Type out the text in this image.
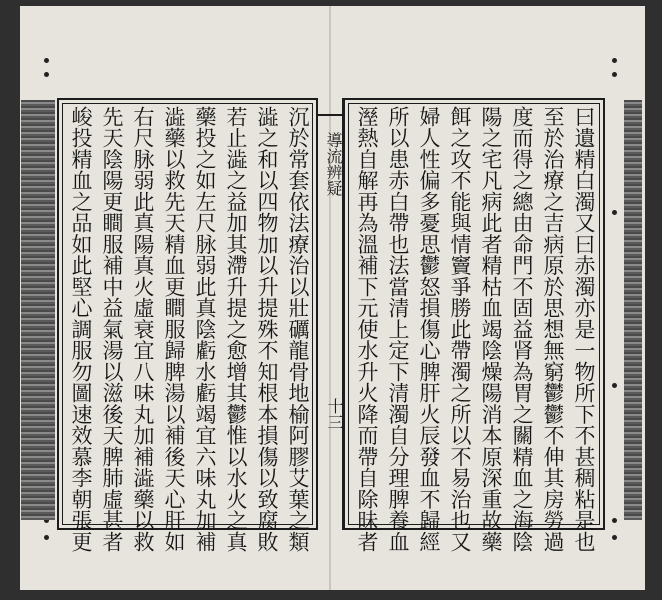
峻投精血之品如此堅心調服勿圖速效慕李朝張更 先天陰陽更瞷服補中益氣湯以滋後天脾肺虛甚者 右尺脉弱此真陽真火虛衰宜八味丸加補澁藥以救 澁藥以救先天精血更瞷服歸脾湯以補後天心肝如 藥投之如左尺脉弱此真陰虧水虧竭宜六味丸加補 若止澁之益加其滯升提之愈增其鬱惟以水火之真 澁之和以四物加以升提殊不知根本損傷以致腐敗 沉於常套依法療治以壯礪龍骨地榆阿膠艾葉之類 導流辨疑
十三 溼熱自解再為溫補下元使水升火降而帶自除昧者 所以患赤白帶也法當清上定下清濁自分理脾養血 婦人性偏多憂思鬱怒損傷心脾肝火辰發血不歸經 餌之攻不能與情竇爭勝此帶濁之所以不易治也又 陽之宅凡病此者精枯血竭陰燥陽消本原深重故藥 度而得之總由命門不固益肾為胃之關精血之海陰 至於治療之吉病原於思想無窮鬱鬱不伸其房勞過 曰遺精白濁又曰赤濁亦是一物所下不甚稠粘是也
